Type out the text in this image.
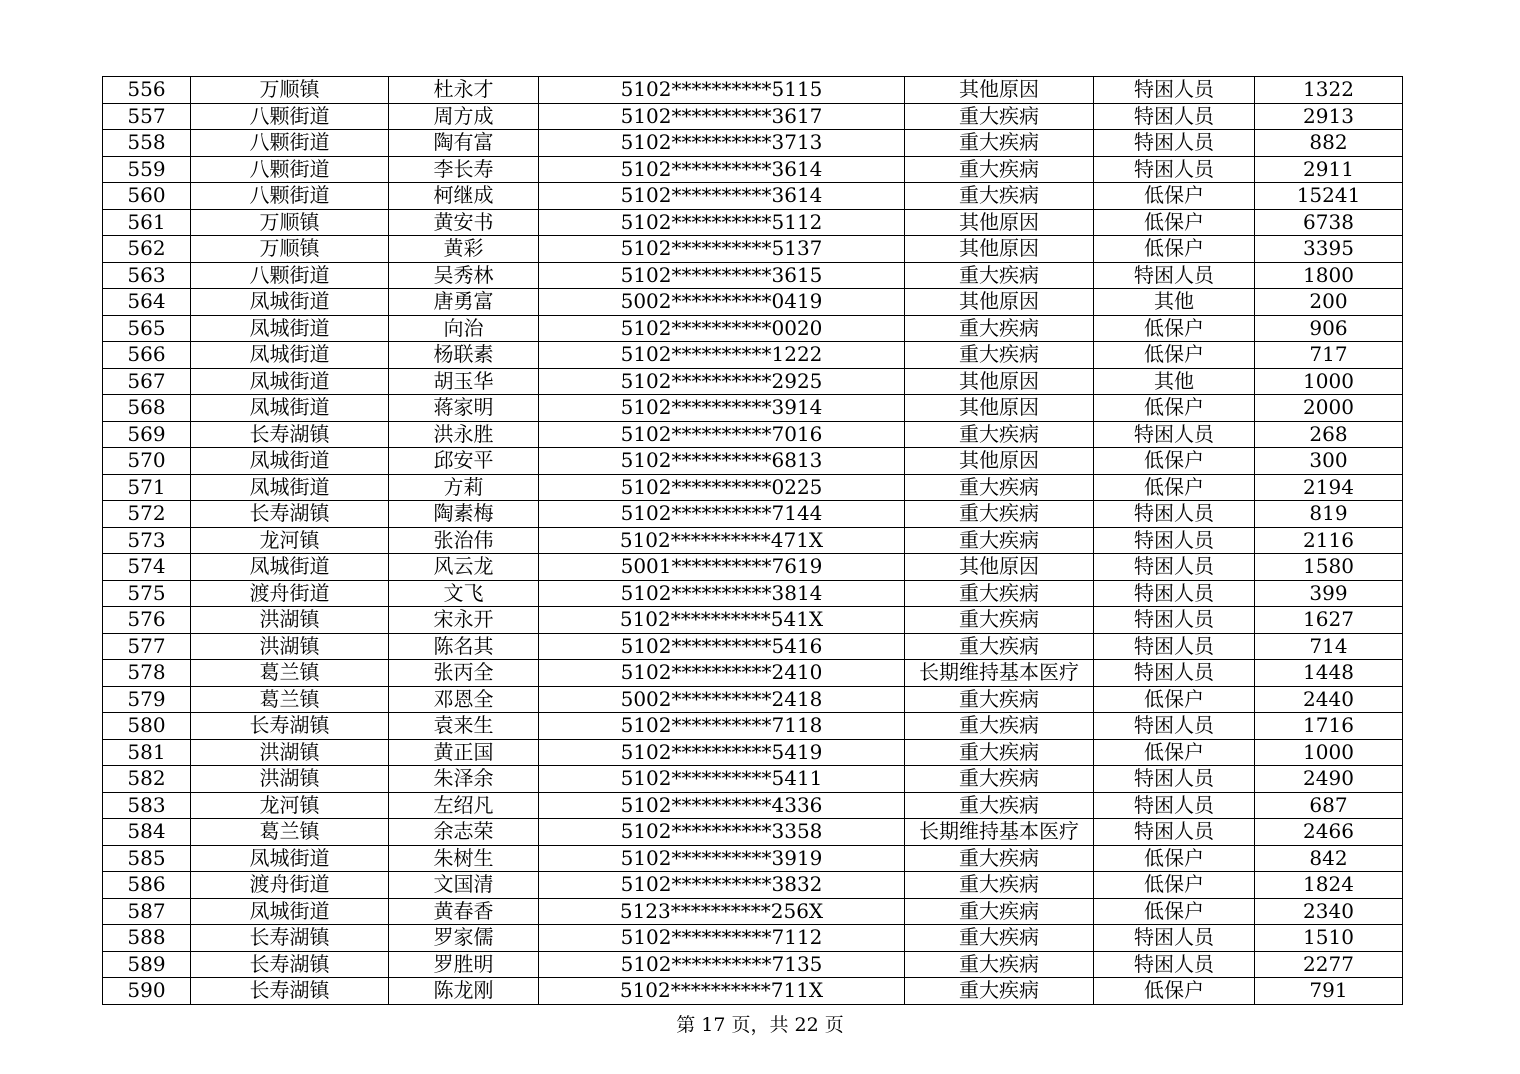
556	万顺镇	杜永才	5102**********5115	其他原因	特困人员	1322
557	八颗街道	周方成	5102**********3617	重大疾病	特困人员	2913
558	八颗街道	陶有富	5102**********3713	重大疾病	特困人员	882
559	八颗街道	李长寿	5102**********3614	重大疾病	特困人员	2911
560	八颗街道	柯继成	5102**********3614	重大疾病	低保户	15241
561	万顺镇	黄安书	5102**********5112	其他原因	低保户	6738
562	万顺镇	黄彩	5102**********5137	其他原因	低保户	3395
563	八颗街道	吴秀林	5102**********3615	重大疾病	特困人员	1800
564	凤城街道	唐勇富	5002**********0419	其他原因	其他	200
565	凤城街道	向治	5102**********0020	重大疾病	低保户	906
566	凤城街道	杨联素	5102**********1222	重大疾病	低保户	717
567	凤城街道	胡玉华	5102**********2925	其他原因	其他	1000
568	凤城街道	蒋家明	5102**********3914	其他原因	低保户	2000
569	长寿湖镇	洪永胜	5102**********7016	重大疾病	特困人员	268
570	凤城街道	邱安平	5102**********6813	其他原因	低保户	300
571	凤城街道	方莉	5102**********0225	重大疾病	低保户	2194
572	长寿湖镇	陶素梅	5102**********7144	重大疾病	特困人员	819
573	龙河镇	张治伟	5102**********471X	重大疾病	特困人员	2116
574	凤城街道	风云龙	5001**********7619	其他原因	特困人员	1580
575	渡舟街道	文飞	5102**********3814	重大疾病	特困人员	399
576	洪湖镇	宋永开	5102**********541X	重大疾病	特困人员	1627
577	洪湖镇	陈名其	5102**********5416	重大疾病	特困人员	714
578	葛兰镇	张丙全	5102**********2410	长期维持基本医疗	特困人员	1448
579	葛兰镇	邓恩全	5002**********2418	重大疾病	低保户	2440
580	长寿湖镇	袁来生	5102**********7118	重大疾病	特困人员	1716
581	洪湖镇	黄正国	5102**********5419	重大疾病	低保户	1000
582	洪湖镇	朱泽余	5102**********5411	重大疾病	特困人员	2490
583	龙河镇	左绍凡	5102**********4336	重大疾病	特困人员	687
584	葛兰镇	余志荣	5102**********3358	长期维持基本医疗	特困人员	2466
585	凤城街道	朱树生	5102**********3919	重大疾病	低保户	842
586	渡舟街道	文国清	5102**********3832	重大疾病	低保户	1824
587	凤城街道	黄春香	5123**********256X	重大疾病	低保户	2340
588	长寿湖镇	罗家儒	5102**********7112	重大疾病	特困人员	1510
589	长寿湖镇	罗胜明	5102**********7135	重大疾病	特困人员	2277
590	长寿湖镇	陈龙刚	5102**********711X	重大疾病	低保户	791
第 17 页，共 22 页
